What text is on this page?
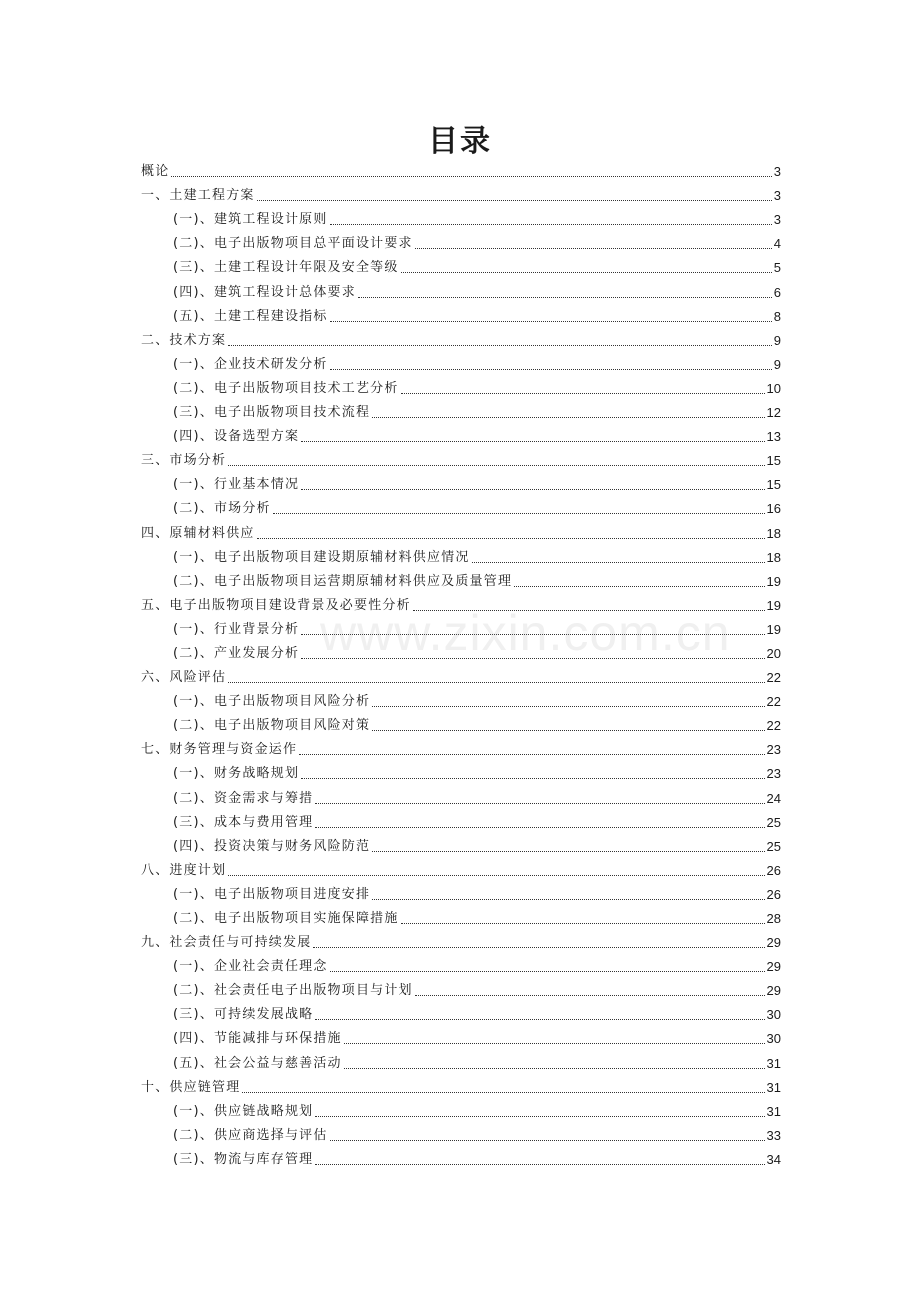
目录
概论	3
一、土建工程方案	3
(一)、建筑工程设计原则	3
(二)、电子出版物项目总平面设计要求	4
(三)、土建工程设计年限及安全等级	5
(四)、建筑工程设计总体要求	6
(五)、土建工程建设指标	8
二、技术方案	9
(一)、企业技术研发分析	9
(二)、电子出版物项目技术工艺分析	10
(三)、电子出版物项目技术流程	12
(四)、设备选型方案	13
三、市场分析	15
(一)、行业基本情况	15
(二)、市场分析	16
四、原辅材料供应	18
(一)、电子出版物项目建设期原辅材料供应情况	18
(二)、电子出版物项目运营期原辅材料供应及质量管理	19
五、电子出版物项目建设背景及必要性分析	19
(一)、行业背景分析	19
(二)、产业发展分析	20
六、风险评估	22
(一)、电子出版物项目风险分析	22
(二)、电子出版物项目风险对策	22
七、财务管理与资金运作	23
(一)、财务战略规划	23
(二)、资金需求与筹措	24
(三)、成本与费用管理	25
(四)、投资决策与财务风险防范	25
八、进度计划	26
(一)、电子出版物项目进度安排	26
(二)、电子出版物项目实施保障措施	28
九、社会责任与可持续发展	29
(一)、企业社会责任理念	29
(二)、社会责任电子出版物项目与计划	29
(三)、可持续发展战略	30
(四)、节能减排与环保措施	30
(五)、社会公益与慈善活动	31
十、供应链管理	31
(一)、供应链战略规划	31
(二)、供应商选择与评估	33
(三)、物流与库存管理	34
www.zixin.com.cn
